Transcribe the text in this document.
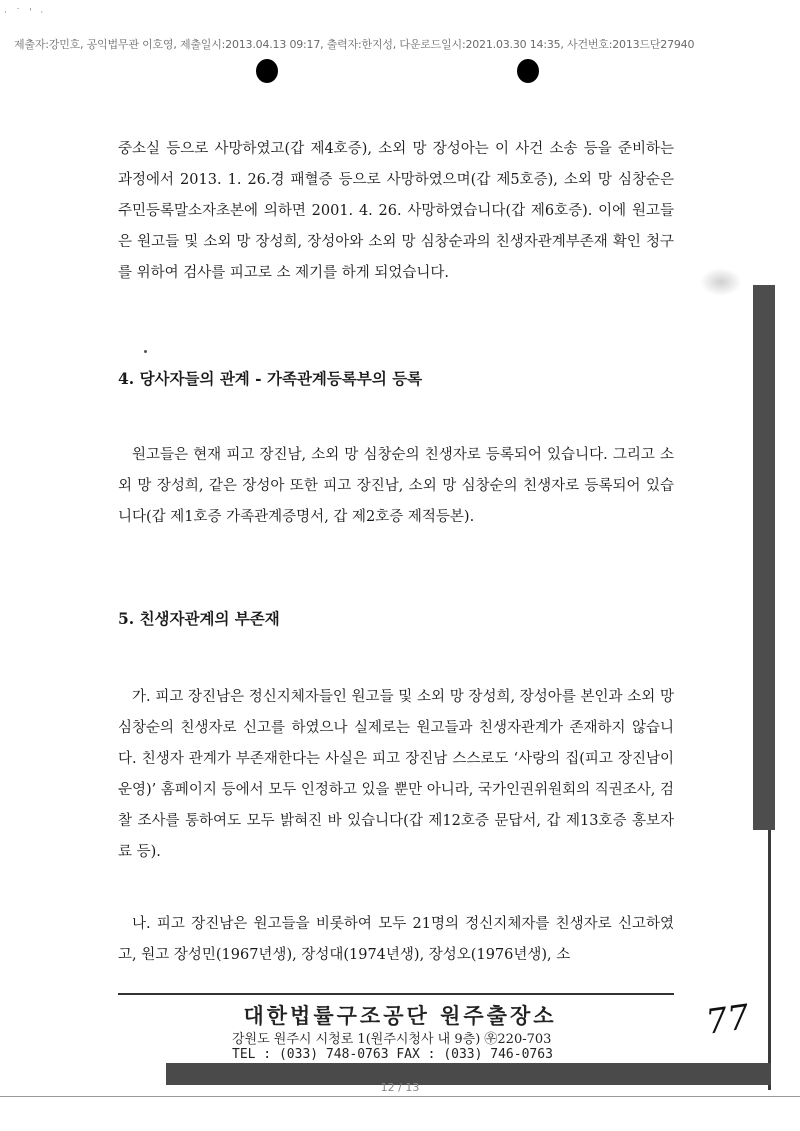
· ˙ ' ·
제출자:강민호, 공익법무관 이호영, 제출일시:2013.04.13 09:17, 출력자:한지성, 다운로드일시:2021.03.30 14:35, 사건번호:2013드단27940

중소실 등으로 사망하였고(갑 제4호증), 소외 망 장성아는 이 사건 소송 등을 준비하는 과정에서 2013. 1. 26.경 패혈증 등으로 사망하였으며(갑 제5호증), 소외 망 심창순은 주민등록말소자초본에 의하면 2001. 4. 26. 사망하였습니다(갑 제6호증). 이에 원고들은 원고들 및 소외 망 장성희, 장성아와 소외 망 심창순과의 친생자관계부존재 확인 청구를 위하여 검사를 피고로 소 제기를 하게 되었습니다.

4. 당사자들의 관계 - 가족관계등록부의 등록

원고들은 현재 피고 장진남, 소외 망 심창순의 친생자로 등록되어 있습니다. 그리고 소외 망 장성희, 같은 장성아 또한 피고 장진남, 소외 망 심창순의 친생자로 등록되어 있습니다(갑 제1호증 가족관계증명서, 갑 제2호증 제적등본).

5. 친생자관계의 부존재

가. 피고 장진남은 정신지체자들인 원고들 및 소외 망 장성희, 장성아를 본인과 소외 망 심창순의 친생자로 신고를 하였으나 실제로는 원고들과 친생자관계가 존재하지 않습니다. 친생자 관계가 부존재한다는 사실은 피고 장진남 스스로도 ‘사랑의 집(피고 장진남이 운영)’ 홈페이지 등에서 모두 인정하고 있을 뿐만 아니라, 국가인권위원회의 직권조사, 검찰 조사를 통하여도 모두 밝혀진 바 있습니다(갑 제12호증 문답서, 갑 제13호증 홍보자료 등).

나. 피고 장진남은 원고들을 비롯하여 모두 21명의 정신지체자를 친생자로 신고하였고, 원고 장성민(1967년생), 장성대(1974년생), 장성오(1976년생), 소

대한법률구조공단 원주출장소
강원도 원주시 시청로 1(원주시청사 내 9층) ㉾220-703
TEL : (033) 748-0763 FAX : (033) 746-0763
77
12 / 13
